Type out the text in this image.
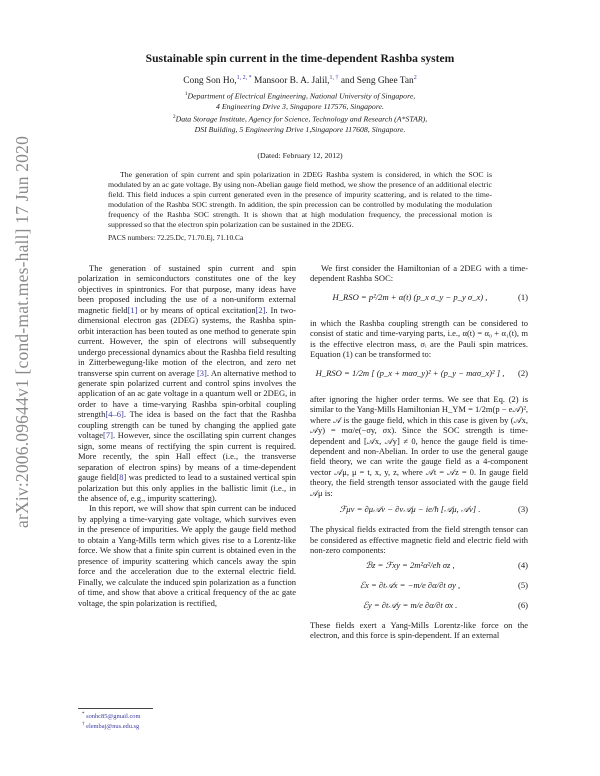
arXiv:2006.09644v1 [cond-mat.mes-hall] 17 Jun 2020
Sustainable spin current in the time-dependent Rashba system
Cong Son Ho,$^{1, 2, *}$ Mansoor B. A. Jalil,$^{1, \dagger}$ and Seng Ghee Tan$^2$
$^1$Department of Electrical Engineering, National University of Singapore,
4 Engineering Drive 3, Singapore 117576, Singapore.
$^2$Data Storage Institute, Agency for Science, Technology and Research (A*STAR),
DSI Building, 5 Engineering Drive 1,Singapore 117608, Singapore.
(Dated: February 12, 2012)
The generation of spin current and spin polarization in 2DEG Rashba system is considered, in which the SOC is modulated by an ac gate voltage. By using non-Abelian gauge field method, we show the presence of an additional electric field. This field induces a spin current generated even in the presence of impurity scattering, and is related to the time-modulation of the Rashba SOC strength. In addition, the spin precession can be controlled by modulating the modulation frequency of the Rashba SOC strength. It is shown that at high modulation frequency, the precessional motion is suppressed so that the electron spin polarization can be sustained in the 2DEG.
PACS numbers: 72.25.Dc, 71.70.Ej, 71.10.Ca

The generation of sustained spin current and spin polarization in semiconductors constitutes one of the key objectives in spintronics. For that purpose, many ideas have been proposed including the use of a non-uniform external magnetic field[1] or by means of optical excitation[2]. In two-dimensional electron gas (2DEG) systems, the Rashba spin-orbit interaction has been touted as one method to generate spin current. However, the spin of electrons will subsequently undergo precessional dynamics about the Rashba field resulting in Zitterbewegung-like motion of the electron, and zero net transverse spin current on average [3]. An alternative method to generate spin polarized current and control spins involves the application of an ac gate voltage in a quantum well or 2DEG, in order to have a time-varying Rashba spin-orbital coupling strength[4–6]. The idea is based on the fact that the Rashba coupling strength can be tuned by changing the applied gate voltage[7]. However, since the oscillating spin current changes sign, some means of rectifying the spin current is required. More recently, the spin Hall effect (i.e., the transverse separation of electron spins) by means of a time-dependent gauge field[8] was predicted to lead to a sustained vertical spin polarization but this only applies in the ballistic limit (i.e., in the absence of, e.g., impurity scattering).

In this report, we will show that spin current can be induced by applying a time-varying gate voltage, which survives even in the presence of impurities. We apply the gauge field method to obtain a Yang-Mills term which gives rise to a Lorentz-like force. We show that a finite spin current is obtained even in the presence of impurity scattering which cancels away the spin force and the acceleration due to the external electric field. Finally, we calculate the induced spin polarization as a function of time, and show that above a critical frequency of the ac gate voltage, the spin polarization is rectified,

We first consider the Hamiltonian of a 2DEG with a time-dependent Rashba SOC:

H_RSO = p²/2m + α(t) (p_x σ_y − p_y σ_x) ,	(1)

in which the Rashba coupling strength can be considered to consist of static and time-varying parts, i.e., α(t) = α₀ + α₁(t), m is the effective electron mass, σᵢ are the Pauli spin matrices. Equation (1) can be transformed to:

H_RSO = 1/2m [ (p_x + mασ_y)² + (p_y − mασ_x)² ] ,	(2)

after ignoring the higher order terms. We see that Eq. (2) is similar to the Yang-Mills Hamiltonian H_YM = 1/2m(p − e𝒜)², where 𝒜 is the gauge field, which in this case is given by (𝒜x, 𝒜y) = mα/e(−σy, σx). Since the SOC strength is time-dependent and [𝒜x, 𝒜y] ≠ 0, hence the gauge field is time-dependent and non-Abelian. In order to use the general gauge field theory, we can write the gauge field as a 4-component vector 𝒜μ, μ = t, x, y, z, where 𝒜t = 𝒜z = 0. In gauge field theory, the field strength tensor associated with the gauge field 𝒜μ is:

ℱμν = ∂μ𝒜ν − ∂ν𝒜μ − ie/ħ [𝒜μ, 𝒜ν] .	(3)

The physical fields extracted from the field strength tensor can be considered as effective magnetic field and electric field with non-zero components:

ℬz = ℱxy = 2m²α²/eħ σz ,	(4)
ℰx = ∂t𝒜x = −m/e ∂α/∂t σy ,	(5)
ℰy = ∂t𝒜y = m/e ∂α/∂t σx .	(6)

These fields exert a Yang-Mills Lorentz-like force on the electron, and this force is spin-dependent. If an external

* sonhc85@gmail.com
† elembaj@nus.edu.sg
